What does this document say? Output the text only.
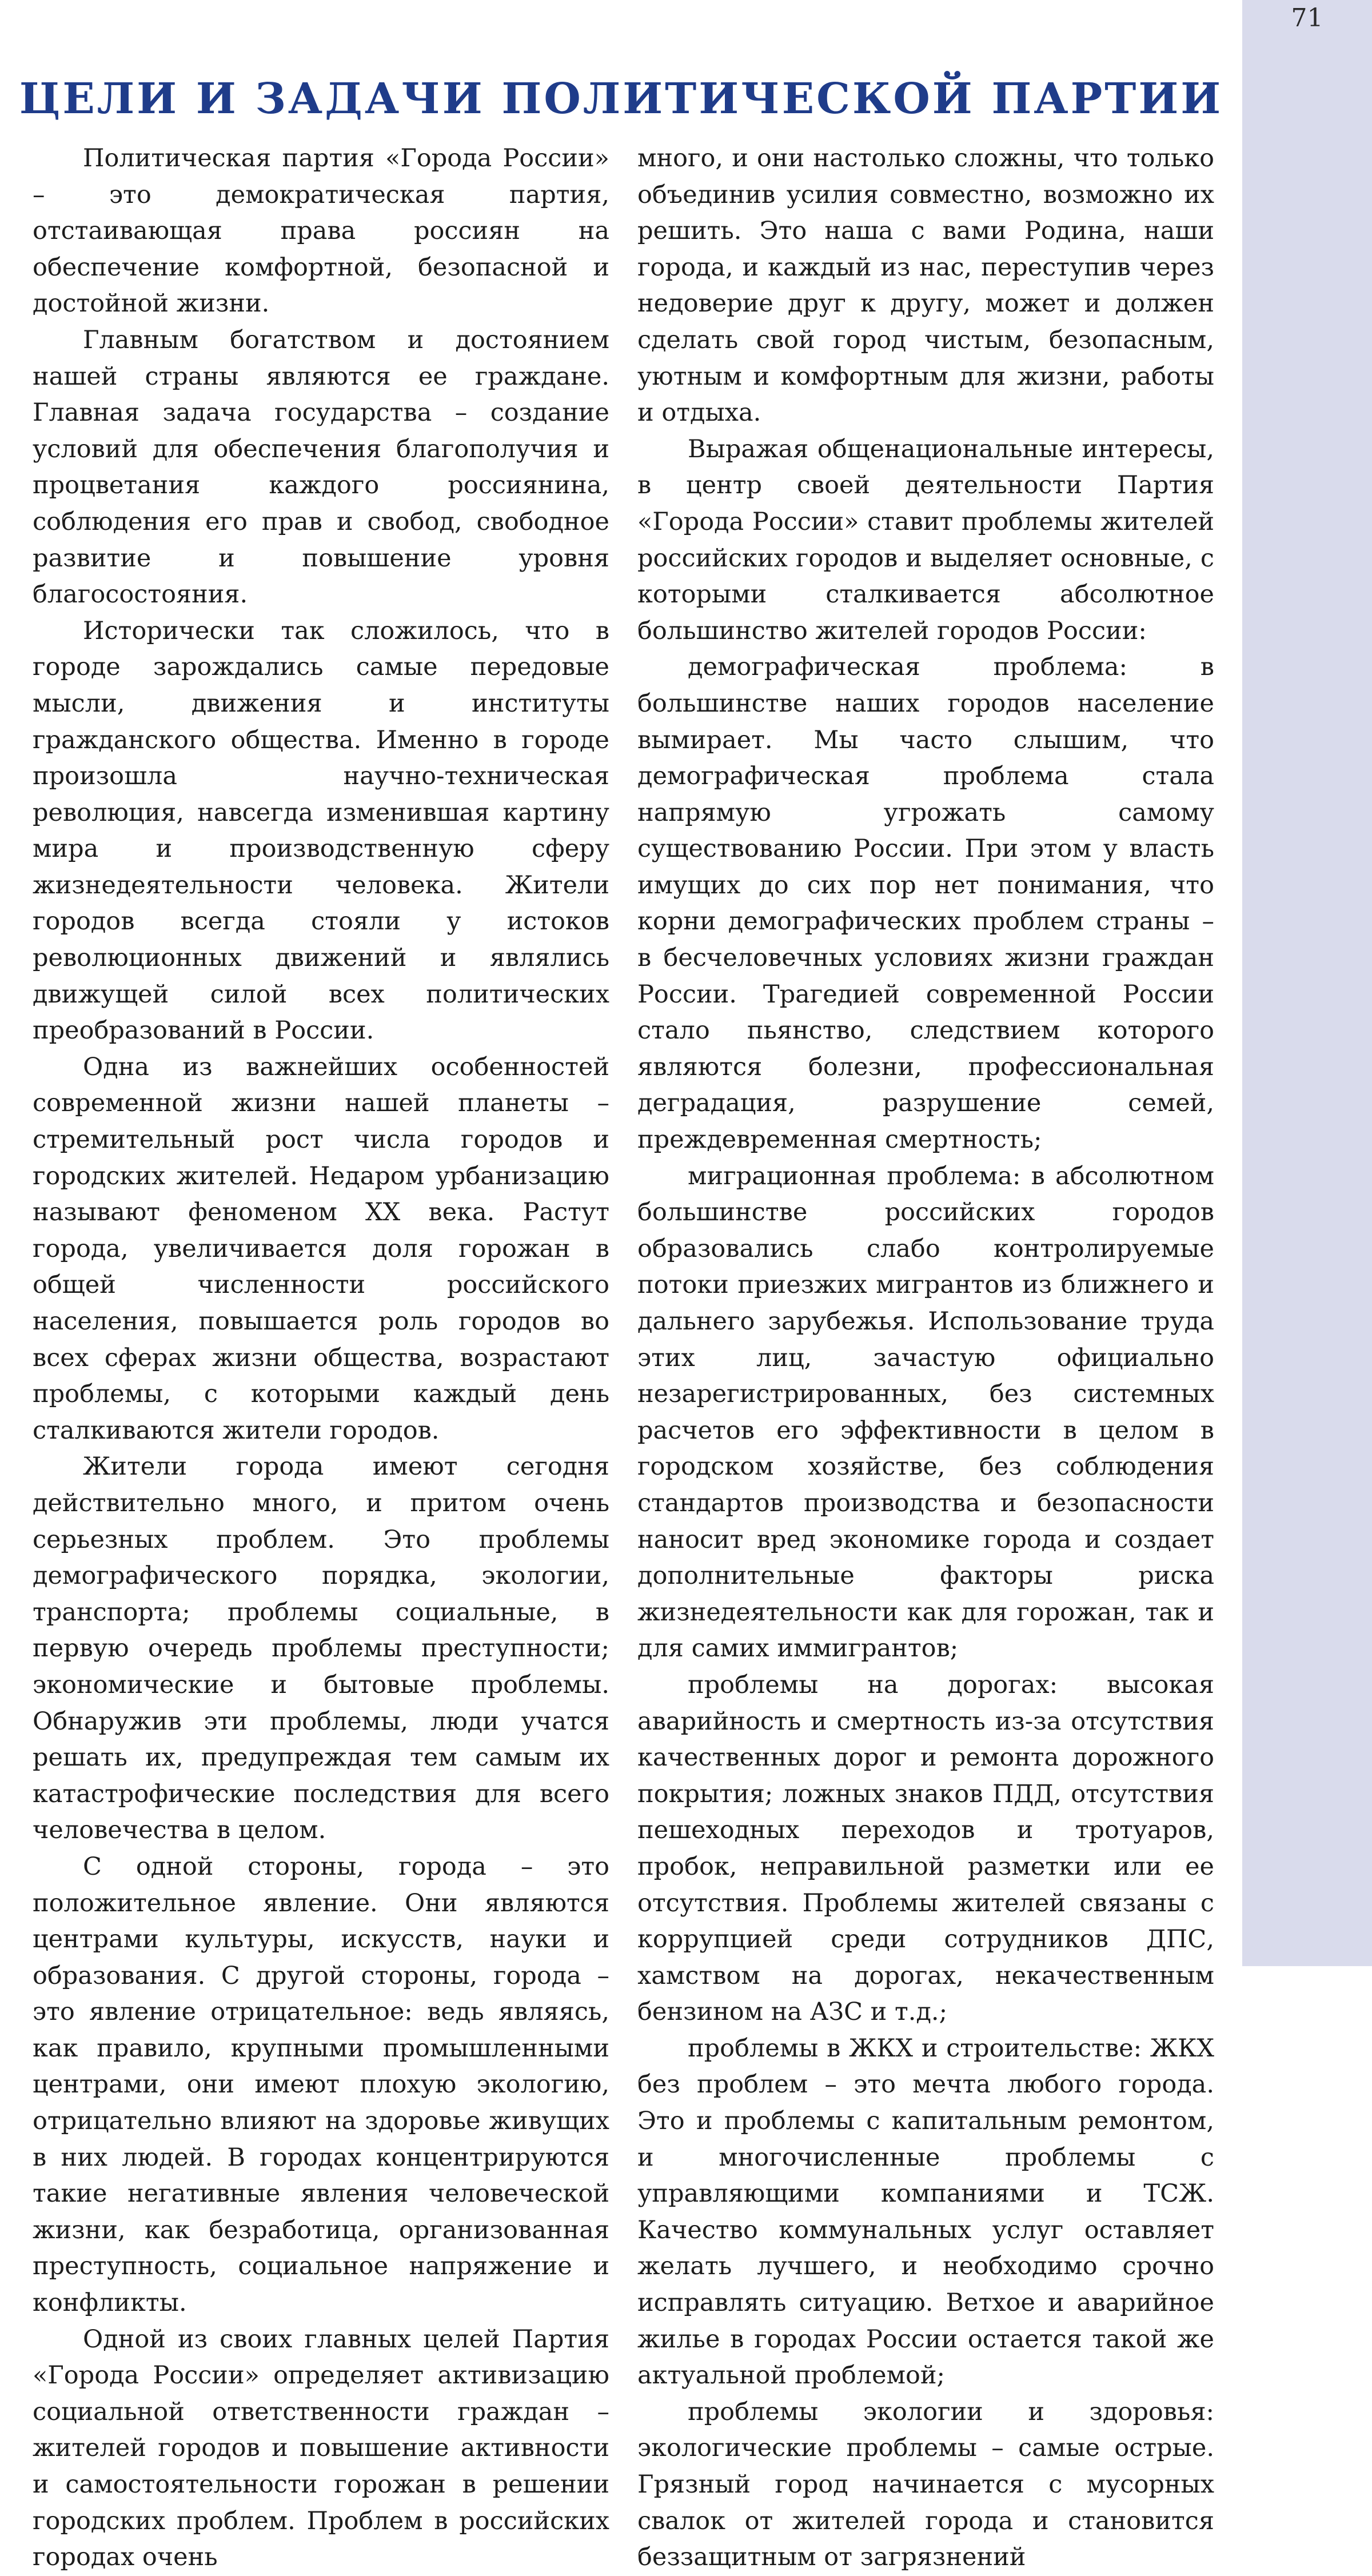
71
ЦЕЛИ И ЗАДАЧИ ПОЛИТИЧЕСКОЙ ПАРТИИ

Политическая партия «Города России» – это демократическая партия, отстаивающая права россиян на обеспечение комфортной, безопасной и достойной жизни.

Главным богатством и достоянием нашей страны являются ее граждане. Главная задача государства – создание условий для обеспечения благополучия и процветания каждого россиянина, соблюдения его прав и свобод, свободное развитие и повышение уровня благосостояния.

Исторически так сложилось, что в городе зарождались самые передовые мысли, движения и институты гражданского общества. Именно в городе произошла научно-техническая революция, навсегда изменившая картину мира и производственную сферу жизнедеятельности человека. Жители городов всегда стояли у истоков революционных движений и являлись движущей силой всех политических преобразований в России.

Одна из важнейших особенностей современной жизни нашей планеты – стремительный рост числа городов и городских жителей. Недаром урбанизацию называют феноменом XX века. Растут города, увеличивается доля горожан в общей численности российского населения, повышается роль городов во всех сферах жизни общества, возрастают проблемы, с которыми каждый день сталкиваются жители городов.

Жители города имеют сегодня действительно много, и притом очень серьезных проблем. Это проблемы демографического порядка, экологии, транспорта; проблемы социальные, в первую очередь проблемы преступности; экономические и бытовые проблемы. Обнаружив эти проблемы, люди учатся решать их, предупреждая тем самым их катастрофические последствия для всего человечества в целом.

С одной стороны, города – это положительное явление. Они являются центрами культуры, искусств, науки и образования. С другой стороны, города – это явление отрицательное: ведь являясь, как правило, крупными промышленными центрами, они имеют плохую экологию, отрицательно влияют на здоровье живущих в них людей. В городах концентрируются такие негативные явления человеческой жизни, как безработица, организованная преступность, социальное напряжение и конфликты.

Одной из своих главных целей Партия «Города России» определяет активизацию социальной ответственности граждан – жителей городов и повышение активности и самостоятельности горожан в решении городских проблем. Проблем в российских городах очень

много, и они настолько сложны, что только объединив усилия совместно, возможно их решить. Это наша с вами Родина, наши города, и каждый из нас, переступив через недоверие друг к другу, может и должен сделать свой город чистым, безопасным, уютным и комфортным для жизни, работы и отдыха.

Выражая общенациональные интересы, в центр своей деятельности Партия «Города России» ставит проблемы жителей российских городов и выделяет основные, с которыми сталкивается абсолютное большинство жителей городов России:

демографическая проблема: в большинстве наших городов население вымирает. Мы часто слышим, что демографическая проблема стала напрямую угрожать самому существованию России. При этом у власть имущих до сих пор нет понимания, что корни демографических проблем страны – в бесчеловечных условиях жизни граждан России. Трагедией современной России стало пьянство, следствием которого являются болезни, профессиональная деградация, разрушение семей, преждевременная смертность;

миграционная проблема: в абсолютном большинстве российских городов образовались слабо контролируемые потоки приезжих мигрантов из ближнего и дальнего зарубежья. Использование труда этих лиц, зачастую официально незарегистрированных, без системных расчетов его эффективности в целом в городском хозяйстве, без соблюдения стандартов производства и безопасности наносит вред экономике города и создает дополнительные факторы риска жизнедеятельности как для горожан, так и для самих иммигрантов;

проблемы на дорогах: высокая аварийность и смертность из-за отсутствия качественных дорог и ремонта дорожного покрытия; ложных знаков ПДД, отсутствия пешеходных переходов и тротуаров, пробок, неправильной разметки или ее отсутствия. Проблемы жителей связаны с коррупцией среди сотрудников ДПС, хамством на дорогах, некачественным бензином на АЗС и т.д.;

проблемы в ЖКХ и строительстве: ЖКХ без проблем – это мечта любого города. Это и проблемы с капитальным ремонтом, и многочисленные проблемы с управляющими компаниями и ТСЖ. Качество коммунальных услуг оставляет желать лучшего, и необходимо срочно исправлять ситуацию. Ветхое и аварийное жилье в городах России остается такой же актуальной проблемой;

проблемы экологии и здоровья: экологические проблемы – самые острые. Грязный город начинается с мусорных свалок от жителей города и становится беззащитным от загрязнений
